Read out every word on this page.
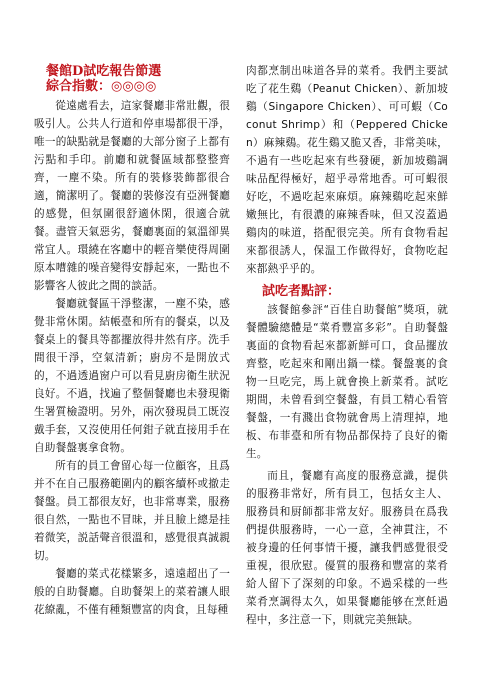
餐館D試吃報告節選
綜合指數：◎◎◎◎

從遠處看去，這家餐廳非常壯觀，很吸引人。公共人行道和停車場都很干凈，唯一的缺點就是餐廳的大部分窗子上都有污點和手印。前廳和就餐區域都整整齊齊，一塵不染。所有的裝修裝飾都很合適，簡潔明了。餐廳的裝修沒有亞洲餐廳的感覺，但氛圍很舒適休閑，很適合就餐。盡管天氣惡劣，餐廳裏面的氣溫卻異常宜人。環繞在客廳中的輕音樂使得周圍原本嘈雜的噪音變得安靜起來，一點也不影響客人彼此之間的談話。

餐廳就餐區干淨整潔，一塵不染，感覺非常休閑。結帳臺和所有的餐桌，以及餐桌上的餐具等都擺放得井然有序。洗手間很干淨，空氣清新；廚房不是開放式的，不過透過窗户可以看見廚房衛生狀況良好。不過，找遍了整個餐廳也未發現衛生署質檢證明。另外，兩次發現員工既沒戴手套，又沒使用任何鉗子就直接用手在自助餐盤裏拿食物。

所有的員工會留心每一位顧客，且爲并不在自己服務範圍内的顧客續杯或撤走餐盤。員工都很友好，也非常專業，服務很自然，一點也不冒昧，并且臉上總是挂着微笑，説話聲音很溫和，感覺很真誠親切。

餐廳的菜式花樣繁多，遠遠超出了一般的自助餐廳。自助餐架上的菜着讓人眼花繚亂，不僅有種類豐富的肉食，且每種

肉都烹制出味道各异的菜肴。我們主要試吃了花生鷄（Peanut Chicken）、新加坡鷄（Singapore Chicken）、可可蝦（Coconut Shrimp）和（Peppered Chicken）麻辣鷄。花生鷄又脆又香，非常美味，不過有一些吃起來有些發硬，新加坡鷄調味品配得極好，超乎尋常地香。可可蝦很好吃，不過吃起來麻煩。麻辣鷄吃起來鮮嫩無比，有很濃的麻辣香味，但又沒蓋過鷄肉的味道，搭配很完美。所有食物看起來都很誘人，保温工作做得好，食物吃起來都熱乎乎的。

試吃者點評：

該餐館參評“百佳自助餐館”獎項，就餐體驗總體是“菜肴豐富多彩”。自助餐盤裏面的食物看起來都新鮮可口，食品擺放齊整，吃起來和剛出鍋一樣。餐盤裏的食物一旦吃完，馬上就會換上新菜肴。試吃期間，未曾看到空餐盤，有員工精心看管餐盤，一有濺出食物就會馬上清理掉，地板、布菲臺和所有物品都保持了良好的衛生。

而且，餐廳有高度的服務意識，提供的服務非常好，所有員工，包括女主人、服務員和厨師都非常友好。服務員在爲我們提供服務時，一心一意，全神貫注，不被身邊的任何事情干擾，讓我們感覺很受重視，很欣慰。優質的服務和豐富的菜肴給人留下了深刻的印象。不過采樣的一些菜肴烹調得太久，如果餐廳能够在烹飪過程中，多注意一下，則就完美無缺。
